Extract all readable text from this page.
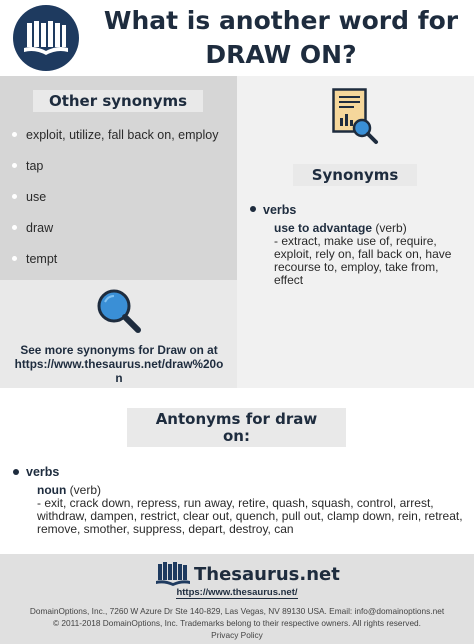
What is another word for
DRAW ON?
Other synonyms
exploit, utilize, fall back on, employ
tap
use
draw
tempt
See more synonyms for Draw on at
https://www.thesaurus.net/draw%20o
n
Synonyms
verbs
use to advantage (verb)
- extract, make use of, require, exploit, rely on, fall back on, have recourse to, employ, take from, effect
Antonyms for draw
on:
verbs
noun (verb)
- exit, crack down, repress, run away, retire, quash, squash, control, arrest, withdraw, dampen, restrict, clear out, quench, pull out, clamp down, rein, retreat, remove, smother, suppress, depart, destroy, can
Thesaurus.net
https://www.thesaurus.net/
DomainOptions, Inc., 7260 W Azure Dr Ste 140-829, Las Vegas, NV 89130 USA. Email: info@domainoptions.net
© 2011-2018 DomainOptions, Inc. Trademarks belong to their respective owners. All rights reserved.
Privacy Policy
